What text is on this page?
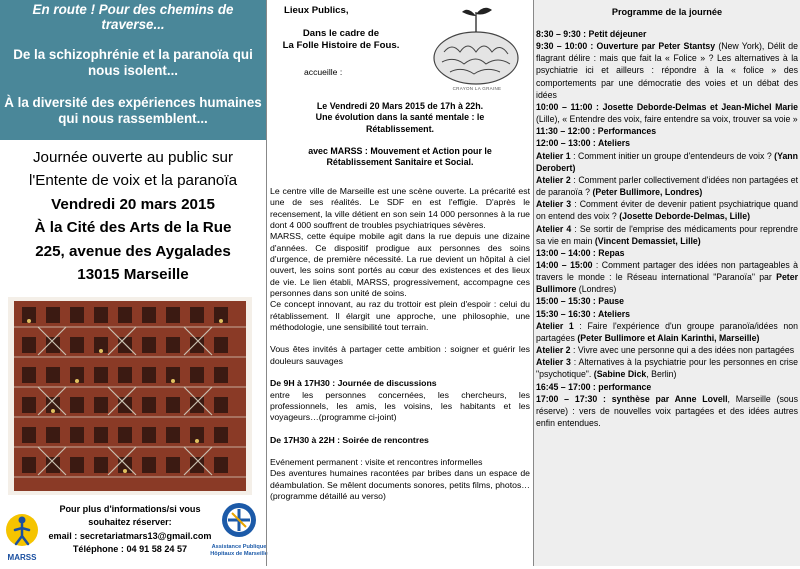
En route ! Pour des chemins de traverse...
De la schizophrénie et la paranoïa qui nous isolent...
À la diversité des expériences humaines qui nous rassemblent...
Journée ouverte au public sur
l'Entente de voix et la paranoïa
Vendredi 20 mars 2015
À la Cité des Arts de la Rue
225, avenue des Aygalades
13015 Marseille
MARSS
Pour plus d'informations/si vous
souhaitez réserver:
email : secretariatmars13@gmail.com
Téléphone : 04 91 58 24 57	Assistance Publique
Hôpitaux de Marseille
Lieux Publics,
Dans le cadre de
La Folle Histoire de Fous.
accueille :
CRAYON LA GRAINE
Le Vendredi 20 Mars 2015 de 17h à 22h.
Une évolution dans la santé mentale : le
Rétablissement.
avec MARSS : Mouvement et Action pour le
Rétablissement Sanitaire et Social.

Le centre ville de Marseille est une scène ouverte. La précarité est une de ses réalités. Le SDF en est l'effigie. D'après le recensement, la ville détient en son sein 14 000 personnes à la rue dont 4 000 souffrent de troubles psychiatriques sévères.

MARSS, cette équipe mobile agit dans la rue depuis une dizaine d'années. Ce dispositif prodigue aux personnes des soins d'urgence, de première nécessité. La rue devient un hôpital à ciel ouvert, les soins sont portés au cœur des existences et des lieux de vie. Le lien établi, MARSS, progressivement, accompagne ces personnes dans son unité de soins.

Ce concept innovant, au raz du trottoir est plein d'espoir : celui du rétablissement. Il élargit une approche, une philosophie, une méthodologie, une sensibilité tout terrain.

Vous êtes invités à partager cette ambition : soigner et guérir les douleurs sauvages

De 9H à 17H30 : Journée de discussions

entre les personnes concernées, les chercheurs, les professionnels, les amis, les voisins, les habitants et les voyageurs…(programme ci-joint)

De 17H30 à 22H : Soirée de rencontres

Evénement permanent : visite et rencontres informelles

Des aventures humaines racontées par bribes dans un espace de déambulation. Se mêlent documents sonores, petits films, photos… (programme détaillé au verso)

Programme de la journée

8:30 – 9:30 : Petit déjeuner

9:30 – 10:00 : Ouverture par Peter Stantsy (New York), Délit de flagrant délire : mais que fait la « Folice » ? Les alternatives à la psychiatrie ici et ailleurs : répondre à la « folice » des comportements par une démocratie des voies et un débat des idées

10:00 – 11:00 : Josette Deborde-Delmas et Jean-Michel Marie (Lille), « Entendre des voix, faire entendre sa voix, trouver sa voie »

11:30 – 12:00 : Performances

12:00 – 13:00 : Ateliers

Atelier 1 : Comment initier un groupe d'entendeurs de voix ? (Yann Derobert)

Atelier 2 : Comment parler collectivement d'idées non partagées et de paranoïa ? (Peter Bullimore, Londres)

Atelier 3 : Comment éviter de devenir patient psychiatrique quand on entend des voix ? (Josette Deborde-Delmas, Lille)

Atelier 4 : Se sortir de l'emprise des médicaments pour reprendre sa vie en main (Vincent Demassiet, Lille)

13:00 – 14:00 : Repas

14:00 – 15:00 : Comment partager des idées non partageables à travers le monde : le Réseau international "Paranoïa" par Peter Bullimore (Londres)

15:00 – 15:30 : Pause

15:30 – 16:30 : Ateliers

Atelier 1 : Faire l'expérience d'un groupe paranoïa/idées non partagées (Peter Bullimore et Alain Karinthi, Marseille)

Atelier 2 : Vivre avec une personne qui a des idées non partagées

Atelier 3 : Alternatives à la psychiatrie pour les personnes en crise "psychotique". (Sabine Dick, Berlin)

16:45 – 17:00 : performance

17:00 – 17:30 : synthèse par Anne Lovell, Marseille (sous réserve) : vers de nouvelles voix partagées et des idées autres enfin entendues.
